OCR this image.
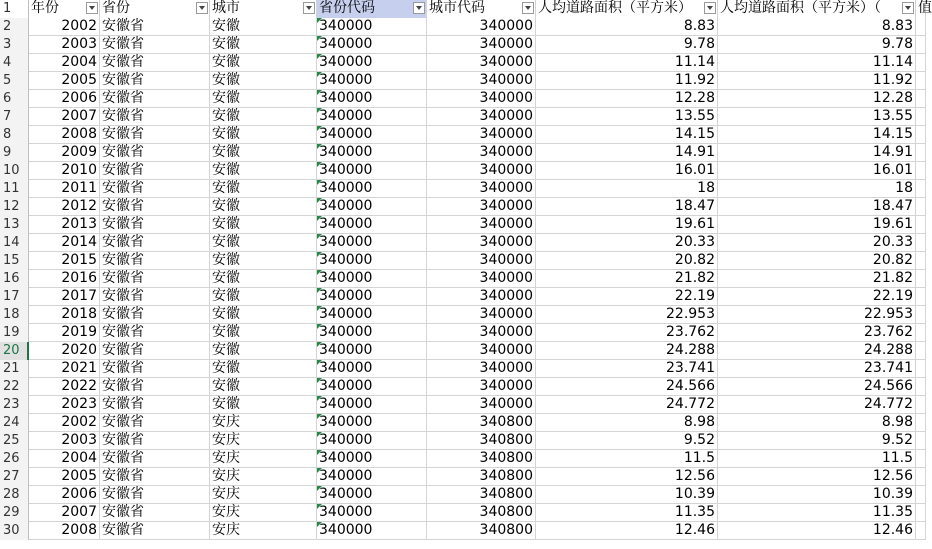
1	年份	省份	城市	省份代码	城市代码	人均道路面积（平方米）	人均道路面积（平方米）（	值
2	2002 安徽省	安徽	340000	340000	8.83	8.83
3	2003 安徽省	安徽	340000	340000	9.78	9.78
4	2004 安徽省	安徽	340000	340000	11.14	11.14
5	2005 安徽省	安徽	340000	340000	11.92	11.92
6	2006 安徽省	安徽	340000	340000	12.28	12.28
7	2007 安徽省	安徽	340000	340000	13.55	13.55
8	2008 安徽省	安徽	340000	340000	14.15	14.15
9	2009 安徽省	安徽	340000	340000	14.91	14.91
10	2010 安徽省	安徽	340000	340000	16.01	16.01
11	2011 安徽省	安徽	340000	340000	18	18
12	2012 安徽省	安徽	340000	340000	18.47	18.47
13	2013 安徽省	安徽	340000	340000	19.61	19.61
14	2014 安徽省	安徽	340000	340000	20.33	20.33
15	2015 安徽省	安徽	340000	340000	20.82	20.82
16	2016 安徽省	安徽	340000	340000	21.82	21.82
17	2017 安徽省	安徽	340000	340000	22.19	22.19
18	2018 安徽省	安徽	340000	340000	22.953	22.953
19	2019 安徽省	安徽	340000	340000	23.762	23.762
20	2020 安徽省	安徽	340000	340000	24.288	24.288
21	2021 安徽省	安徽	340000	340000	23.741	23.741
22	2022 安徽省	安徽	340000	340000	24.566	24.566
23	2023 安徽省	安徽	340000	340000	24.772	24.772
24	2002 安徽省	安庆	340000	340800	8.98	8.98
25	2003 安徽省	安庆	340000	340800	9.52	9.52
26	2004 安徽省	安庆	340000	340800	11.5	11.5
27	2005 安徽省	安庆	340000	340800	12.56	12.56
28	2006 安徽省	安庆	340000	340800	10.39	10.39
29	2007 安徽省	安庆	340000	340800	11.35	11.35
30	2008 安徽省	安庆	340000	340800	12.46	12.46
